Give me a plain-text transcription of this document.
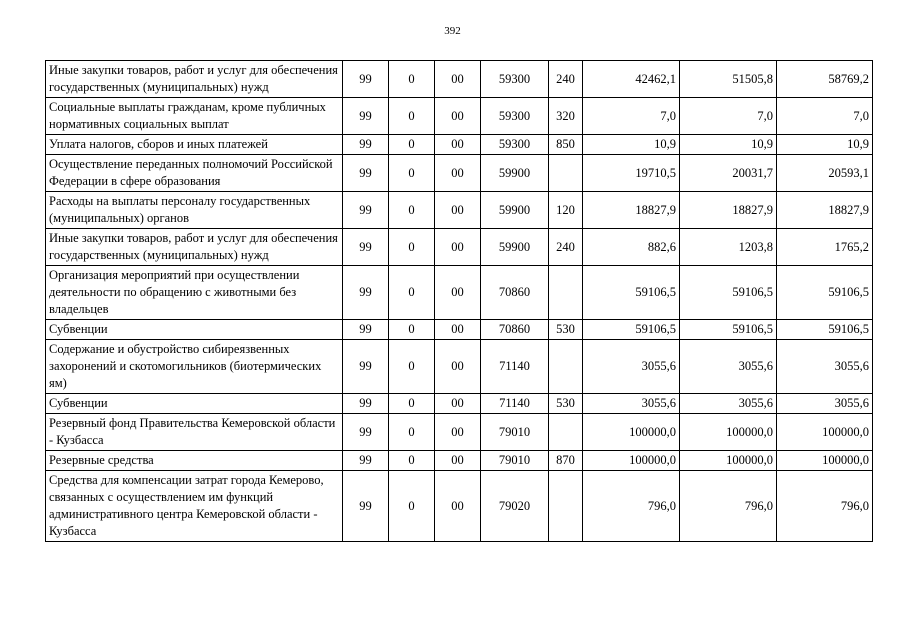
392
Иные закупки товаров, работ и услуг для обеспечения государственных (муниципальных) нужд	99	0	00	59300	240	42462,1	51505,8	58769,2
Социальные выплаты гражданам, кроме публичных нормативных социальных выплат	99	0	00	59300	320	7,0	7,0	7,0
Уплата налогов, сборов и иных платежей	99	0	00	59300	850	10,9	10,9	10,9
Осуществление переданных полномочий Российской Федерации в сфере образования	99	0	00	59900		19710,5	20031,7	20593,1
Расходы на выплаты персоналу государственных (муниципальных) органов	99	0	00	59900	120	18827,9	18827,9	18827,9
Иные закупки товаров, работ и услуг для обеспечения государственных (муниципальных) нужд	99	0	00	59900	240	882,6	1203,8	1765,2
Организация мероприятий при осуществлении деятельности по обращению с животными без владельцев	99	0	00	70860		59106,5	59106,5	59106,5
Субвенции	99	0	00	70860	530	59106,5	59106,5	59106,5
Содержание и обустройство сибиреязвенных захоронений и скотомогильников (биотермических ям)	99	0	00	71140		3055,6	3055,6	3055,6
Субвенции	99	0	00	71140	530	3055,6	3055,6	3055,6
Резервный фонд Правительства Кемеровской области - Кузбасса	99	0	00	79010		100000,0	100000,0	100000,0
Резервные средства	99	0	00	79010	870	100000,0	100000,0	100000,0
Средства для компенсации затрат города Кемерово, связанных с осуществлением им функций административного центра Кемеровской области - Кузбасса	99	0	00	79020		796,0	796,0	796,0
